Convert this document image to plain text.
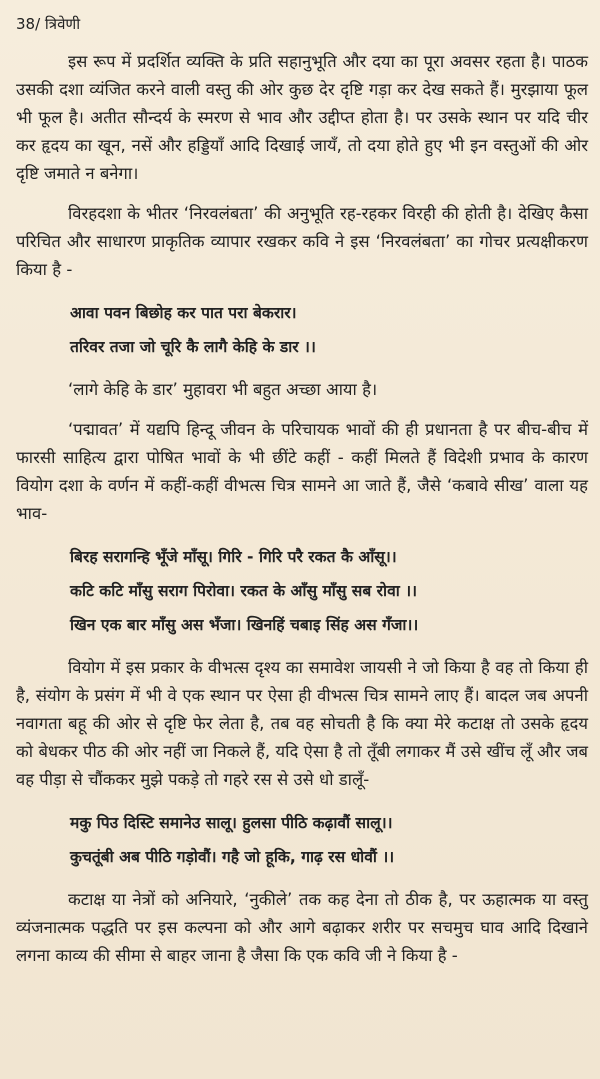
38/ त्रिवेणी

इस रूप में प्रदर्शित व्यक्ति के प्रति सहानुभूति और दया का पूरा अवसर रहता है। पाठक उसकी दशा व्यंजित करने वाली वस्तु की ओर कुछ देर दृष्टि गड़ा कर देख सकते हैं। मुरझाया फूल भी फूल है। अतीत सौन्दर्य के स्मरण से भाव और उद्दीप्त होता है। पर उसके स्थान पर यदि चीर कर हृदय का खून, नसें और हड्डियाँ आदि दिखाई जायँ, तो दया होते हुए भी इन वस्तुओं की ओर दृष्टि जमाते न बनेगा।

विरहदशा के भीतर ‘निरवलंबता’ की अनुभूति रह-रहकर विरही की होती है। देखिए कैसा परिचित और साधारण प्राकृतिक व्यापार रखकर कवि ने इस ‘निरवलंबता’ का गोचर प्रत्यक्षीकरण किया है -

आवा पवन बिछोह कर पात परा बेकरार।
तरिवर तजा जो चूरि कै लागै केहि के डार ।।

‘लागे केहि के डार’ मुहावरा भी बहुत अच्छा आया है।

‘पद्मावत’ में यद्यपि हिन्दू जीवन के परिचायक भावों की ही प्रधानता है पर बीच-बीच में फारसी साहित्य द्वारा पोषित भावों के भी छींटे कहीं - कहीं मिलते हैं विदेशी प्रभाव के कारण वियोग दशा के वर्णन में कहीं-कहीं वीभत्स चित्र सामने आ जाते हैं, जैसे ‘कबावे सीख’ वाला यह भाव-

बिरह सरागन्हि भूँजे माँसू। गिरि - गिरि परै रकत कै आँसू।।
कटि कटि माँसु सराग पिरोवा। रकत के आँसु माँसु सब रोवा ।।
खिन एक बार माँसु अस भँजा। खिनहिं चबाइ सिंह अस गँजा।।

वियोग में इस प्रकार के वीभत्स दृश्य का समावेश जायसी ने जो किया है वह तो किया ही है, संयोग के प्रसंग में भी वे एक स्थान पर ऐसा ही वीभत्स चित्र सामने लाए हैं। बादल जब अपनी नवागता बहू की ओर से दृष्टि फेर लेता है, तब वह सोचती है कि क्या मेरे कटाक्ष तो उसके हृदय को बेधकर पीठ की ओर नहीं जा निकले हैं, यदि ऐसा है तो तूँबी लगाकर मैं उसे खींच लूँ और जब वह पीड़ा से चौंककर मुझे पकड़े तो गहरे रस से उसे धो डालूँ-

मकु पिउ दिस्टि समानेउ सालू। हुलसा पीठि कढ़ावौं सालू।।
कुचतूंबी अब पीठि गड़ोवौं। गहै जो हूकि, गाढ़ रस धोवौं ।।

कटाक्ष या नेत्रों को अनियारे, ‘नुकीले’ तक कह देना तो ठीक है, पर ऊहात्मक या वस्तु व्यंजनात्मक पद्धति पर इस कल्पना को और आगे बढ़ाकर शरीर पर सचमुच घाव आदि दिखाने लगना काव्य की सीमा से बाहर जाना है जैसा कि एक कवि जी ने किया है -
